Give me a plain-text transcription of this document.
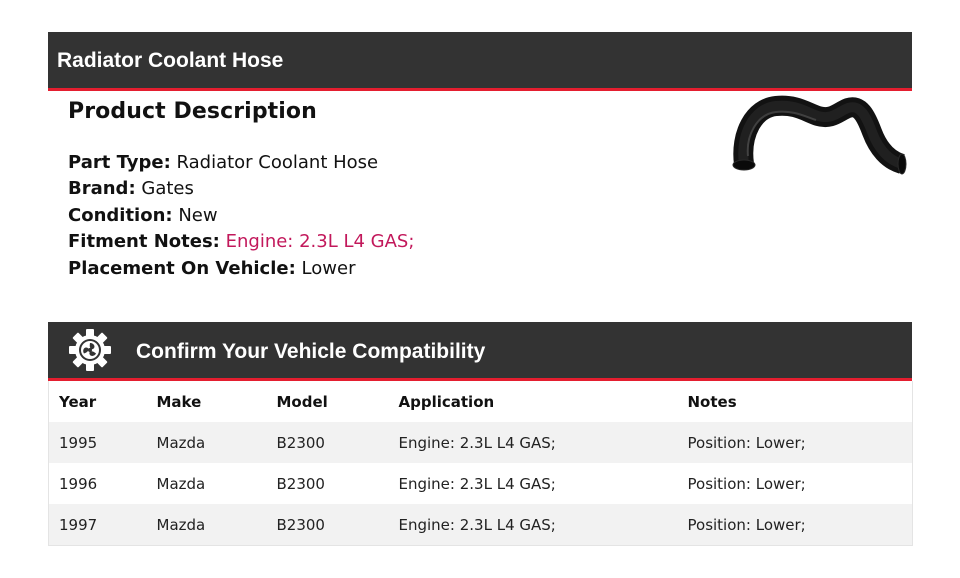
Radiator Coolant Hose
Product Description
Part Type: Radiator Coolant Hose
Brand: Gates
Condition: New
Fitment Notes: Engine: 2.3L L4 GAS;
Placement On Vehicle: Lower
Confirm Your Vehicle Compatibility
Year	Make	Model	Application	Notes
1995	Mazda	B2300	Engine: 2.3L L4 GAS;	Position: Lower;
1996	Mazda	B2300	Engine: 2.3L L4 GAS;	Position: Lower;
1997	Mazda	B2300	Engine: 2.3L L4 GAS;	Position: Lower;
